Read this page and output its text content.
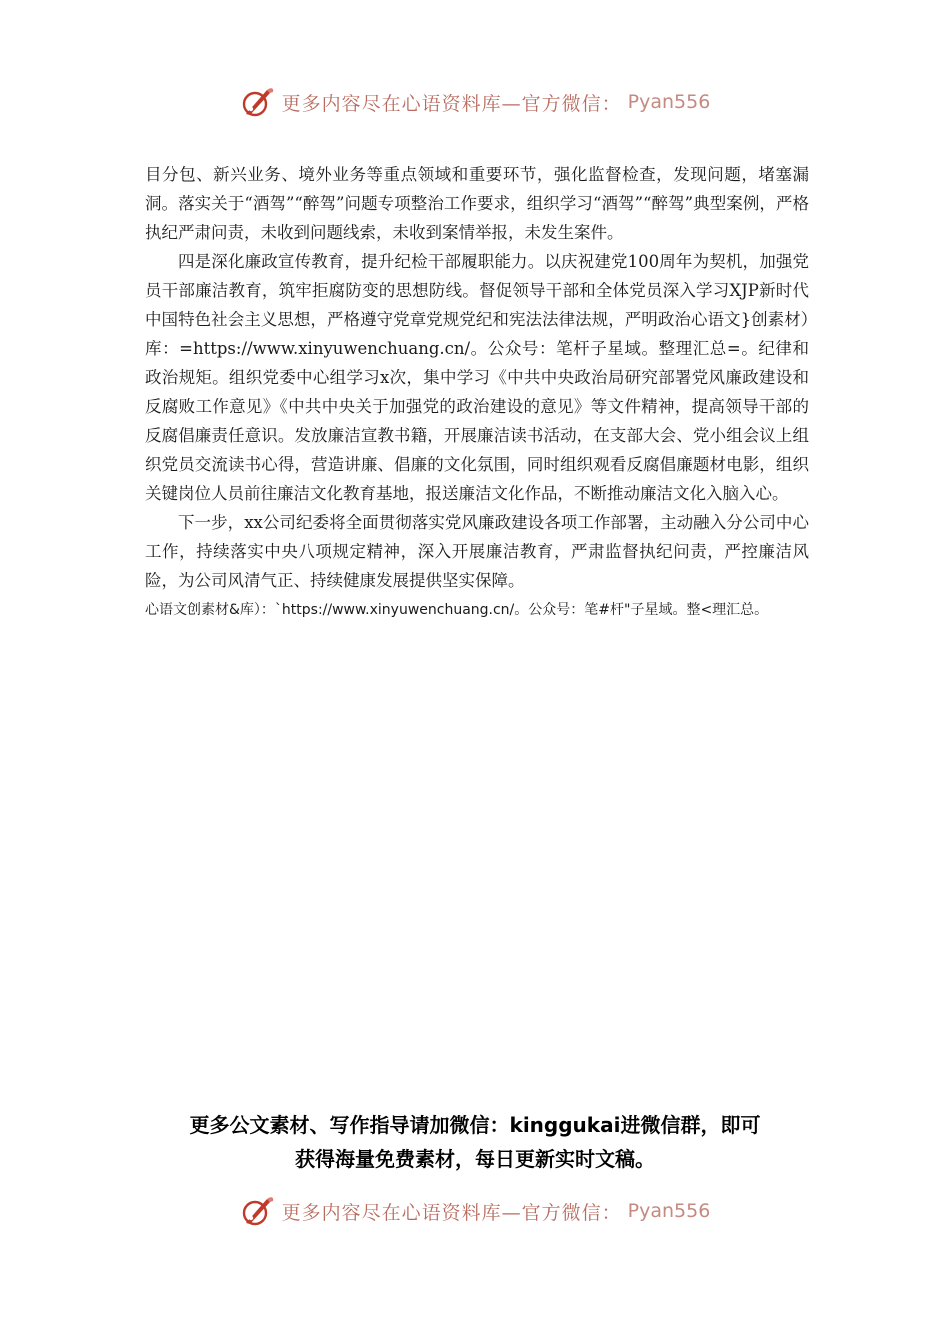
更多内容尽在心语资料库—官方微信： Pyan556

目分包、新兴业务、境外业务等重点领域和重要环节，强化监督检查，发现问题，堵塞漏洞。落实关于“酒驾”“醉驾”问题专项整治工作要求，组织学习“酒驾”“醉驾”典型案例，严格执纪严肃问责，未收到问题线索，未收到案情举报，未发生案件。

四是深化廉政宣传教育，提升纪检干部履职能力。以庆祝建党100周年为契机，加强党员干部廉洁教育，筑牢拒腐防变的思想防线。督促领导干部和全体党员深入学习XJP新时代中国特色社会主义思想，严格遵守党章党规党纪和宪法法律法规，严明政治心语文}创素材）库：=https://www.xinyuwenchuang.cn/。公众号：笔杆子星域。整理汇总=。纪律和政治规矩。组织党委中心组学习x次，集中学习《中共中央政治局研究部署党风廉政建设和反腐败工作意见》《中共中央关于加强党的政治建设的意见》等文件精神，提高领导干部的反腐倡廉责任意识。发放廉洁宣教书籍，开展廉洁读书活动，在支部大会、党小组会议上组织党员交流读书心得，营造讲廉、倡廉的文化氛围，同时组织观看反腐倡廉题材电影，组织关键岗位人员前往廉洁文化教育基地，报送廉洁文化作品，不断推动廉洁文化入脑入心。

下一步，xx公司纪委将全面贯彻落实党风廉政建设各项工作部署，主动融入分公司中心工作，持续落实中央八项规定精神，深入开展廉洁教育，严肃监督执纪问责，严控廉洁风险，为公司风清气正、持续健康发展提供坚实保障。

心语文创素材&库）：`https://www.xinyuwenchuang.cn/。公众号：笔#杆"子星域。整<理汇总。

更多公文素材、写作指导请加微信：kinggukai进微信群，即可
获得海量免费素材，每日更新实时文稿。
更多内容尽在心语资料库—官方微信： Pyan556
